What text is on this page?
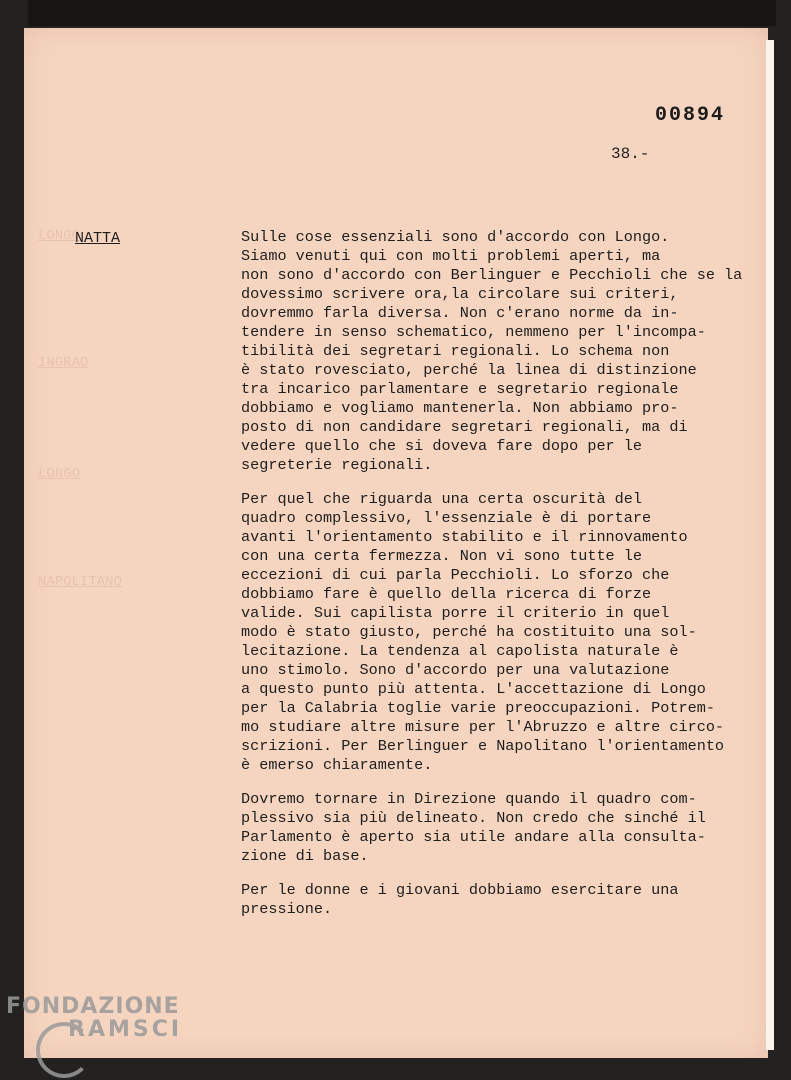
00894
38.-
LONGO
INGRAO
LONGO
NAPOLITANO
NATTA	Sulle cose essenziali sono d'accordo con Longo.
Siamo venuti qui con molti problemi aperti, ma
non sono d'accordo con Berlinguer e Pecchioli che se la
dovessimo scrivere ora,la circolare sui criteri,
dovremmo farla diversa. Non c'erano norme da in-
tendere in senso schematico, nemmeno per l'incompa-
tibilità dei segretari regionali. Lo schema non
è stato rovesciato, perché la linea di distinzione
tra incarico parlamentare e segretario regionale
dobbiamo e vogliamo mantenerla. Non abbiamo pro-
posto di non candidare segretari regionali, ma di
vedere quello che si doveva fare dopo per le
segreterie regionali.
Per quel che riguarda una certa oscurità del
quadro complessivo, l'essenziale è di portare
avanti l'orientamento stabilito e il rinnovamento
con una certa fermezza. Non vi sono tutte le
eccezioni di cui parla Pecchioli. Lo sforzo che
dobbiamo fare è quello della ricerca di forze
valide. Sui capilista porre il criterio in quel
modo è stato giusto, perché ha costituito una sol-
lecitazione. La tendenza al capolista naturale è
uno stimolo. Sono d'accordo per una valutazione
a questo punto più attenta. L'accettazione di Longo
per la Calabria toglie varie preoccupazioni. Potrem-
mo studiare altre misure per l'Abruzzo e altre circo-
scrizioni. Per Berlinguer e Napolitano l'orientamento
è emerso chiaramente.
Dovremo tornare in Direzione quando il quadro com-
plessivo sia più delineato. Non credo che sinché il
Parlamento è aperto sia utile andare alla consulta-
zione di base.
Per le donne e i giovani dobbiamo esercitare una
pressione.
FONDAZIONE
RAMSCI
